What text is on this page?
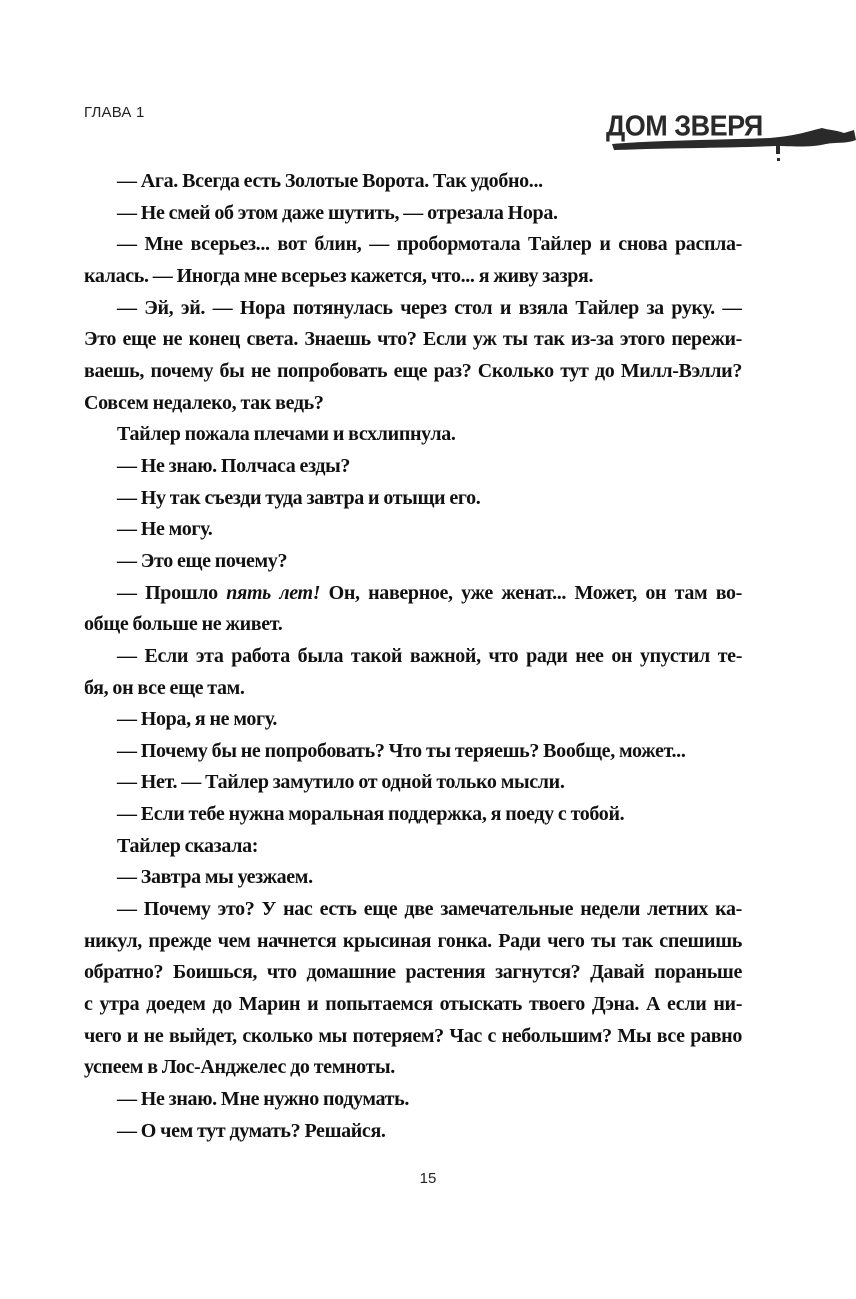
ГЛАВА 1	ДОМ ЗВЕРЯ
— Ага. Всегда есть Золотые Ворота. Так удобно...
— Не смей об этом даже шутить, — отрезала Нора.
— Мне всерьез... вот блин, — пробормотала Тайлер и снова распла-
калась. — Иногда мне всерьез кажется, что... я живу зазря.
— Эй, эй. — Нора потянулась через стол и взяла Тайлер за руку. —
Это еще не конец света. Знаешь что? Если уж ты так из-за этого пережи-
ваешь, почему бы не попробовать еще раз? Сколько тут до Милл-Вэлли?
Совсем недалеко, так ведь?
Тайлер пожала плечами и всхлипнула.
— Не знаю. Полчаса езды?
— Ну так съезди туда завтра и отыщи его.
— Не могу.
— Это еще почему?
— Прошло пять лет! Он, наверное, уже женат... Может, он там во-
обще больше не живет.
— Если эта работа была такой важной, что ради нее он упустил те-
бя, он все еще там.
— Нора, я не могу.
— Почему бы не попробовать? Что ты теряешь? Вообще, может...
— Нет. — Тайлер замутило от одной только мысли.
— Если тебе нужна моральная поддержка, я поеду с тобой.
Тайлер сказала:
— Завтра мы уезжаем.
— Почему это? У нас есть еще две замечательные недели летних ка-
никул, прежде чем начнется крысиная гонка. Ради чего ты так спешишь
обратно? Боишься, что домашние растения загнутся? Давай пораньше
с утра доедем до Марин и попытаемся отыскать твоего Дэна. А если ни-
чего и не выйдет, сколько мы потеряем? Час с небольшим? Мы все равно
успеем в Лос-Анджелес до темноты.
— Не знаю. Мне нужно подумать.
— О чем тут думать? Решайся.
15
